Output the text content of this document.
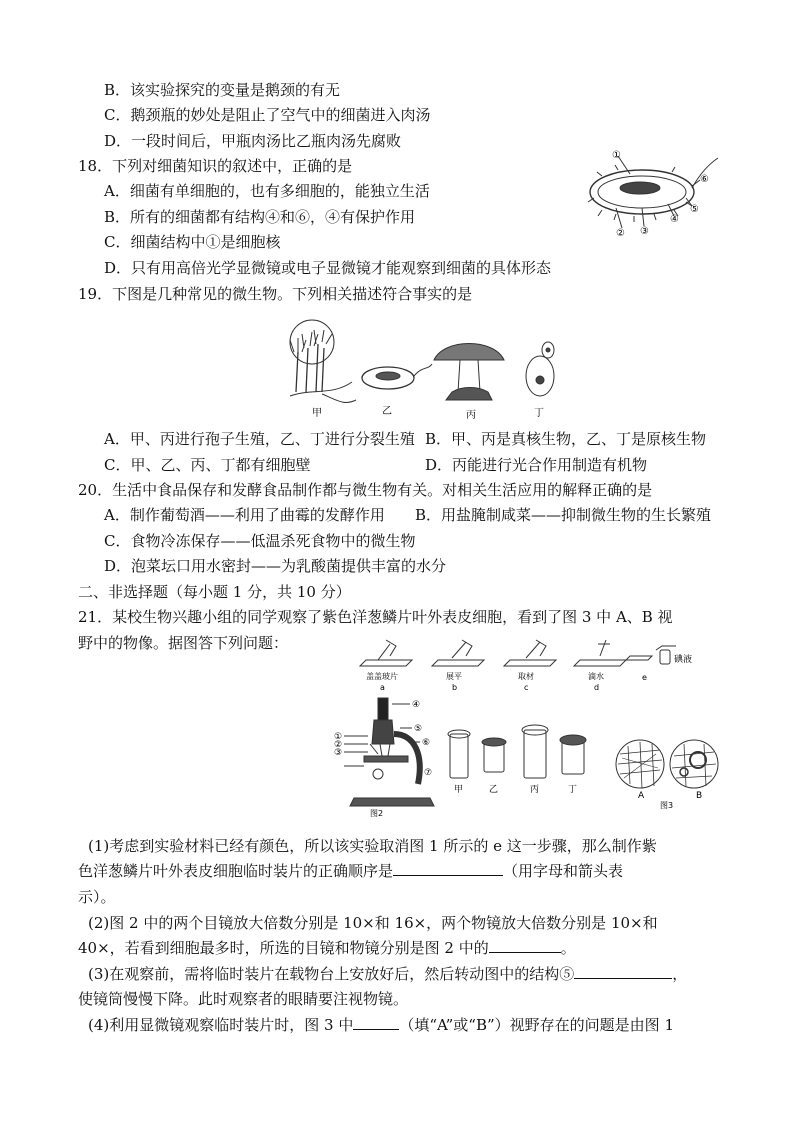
B．该实验探究的变量是鹅颈的有无
C．鹅颈瓶的妙处是阻止了空气中的细菌进入肉汤
D．一段时间后，甲瓶肉汤比乙瓶肉汤先腐败
18．下列对细菌知识的叙述中，正确的是
A．细菌有单细胞的，也有多细胞的，能独立生活
B．所有的细菌都有结构④和⑥，④有保护作用
C．细菌结构中①是细胞核
D．只有用高倍光学显微镜或电子显微镜才能观察到细菌的具体形态
①
② ③
④
⑤
⑥
19．下图是几种常见的微生物。下列相关描述符合事实的是
甲	乙	丙	丁
A．甲、丙进行孢子生殖，乙、丁进行分裂生殖 B．甲、丙是真核生物，乙、丁是原核生物
C．甲、乙、丙、丁都有细胞壁	D．丙能进行光合作用制造有机物
20．生活中食品保存和发酵食品制作都与微生物有关。对相关生活应用的解释正确的是
A．制作葡萄酒——利用了曲霉的发酵作用 B．用盐腌制咸菜——抑制微生物的生长繁殖
C．食物冷冻保存——低温杀死食物中的微生物
D．泡菜坛口用水密封——为乳酸菌提供丰富的水分
二、非选择题（每小题 1 分，共 10 分）
21．某校生物兴趣小组的同学观察了紫色洋葱鳞片叶外表皮细胞，看到了图 3 中 A、B 视
野中的物像。据图答下列问题：
盖盖玻片
a
展平
b
取材
c
滴水
d
e
碘液
①
②
③
④
⑤
⑥
⑦
甲	乙	丙	丁
图2
A	B
图3
(1)考虑到实验材料已经有颜色，所以该实验取消图 1 所示的 e 这一步骤，那么制作紫
色洋葱鳞片叶外表皮细胞临时装片的正确顺序是	（用字母和箭头表
示）。
(2)图 2 中的两个目镜放大倍数分别是 10×和 16×，两个物镜放大倍数分别是 10×和
40×，若看到细胞最多时，所选的目镜和物镜分别是图 2 中的	。
(3)在观察前，需将临时装片在载物台上安放好后，然后转动图中的结构⑤	，
使镜筒慢慢下降。此时观察者的眼睛要注视物镜。
(4)利用显微镜观察临时装片时，图 3 中	（填“A”或“B”）视野存在的问题是由图 1
